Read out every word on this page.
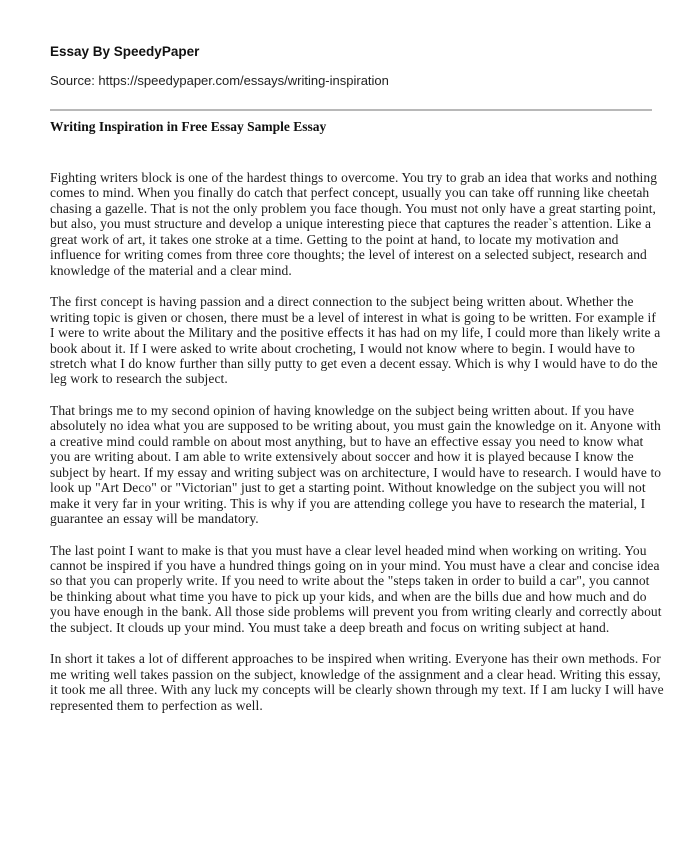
Essay By SpeedyPaper
Source: https://speedypaper.com/essays/writing-inspiration
Writing Inspiration in Free Essay Sample Essay

Fighting writers block is one of the hardest things to overcome. You try to grab an idea that works and nothing comes to mind. When you finally do catch that perfect concept, usually you can take off running like cheetah chasing a gazelle. That is not the only problem you face though. You must not only have a great starting point, but also, you must structure and develop a unique interesting piece that captures the reader`s attention. Like a great work of art, it takes one stroke at a time. Getting to the point at hand, to locate my motivation and influence for writing comes from three core thoughts; the level of interest on a selected subject, research and knowledge of the material and a clear mind.

The first concept is having passion and a direct connection to the subject being written about. Whether the writing topic is given or chosen, there must be a level of interest in what is going to be written. For example if I were to write about the Military and the positive effects it has had on my life, I could more than likely write a book about it. If I were asked to write about crocheting, I would not know where to begin. I would have to stretch what I do know further than silly putty to get even a decent essay. Which is why I would have to do the leg work to research the subject.

That brings me to my second opinion of having knowledge on the subject being written about. If you have absolutely no idea what you are supposed to be writing about, you must gain the knowledge on it. Anyone with a creative mind could ramble on about most anything, but to have an effective essay you need to know what you are writing about. I am able to write extensively about soccer and how it is played because I know the subject by heart. If my essay and writing subject was on architecture, I would have to research. I would have to look up "Art Deco" or "Victorian" just to get a starting point. Without knowledge on the subject you will not make it very far in your writing. This is why if you are attending college you have to research the material, I guarantee an essay will be mandatory.

The last point I want to make is that you must have a clear level headed mind when working on writing. You cannot be inspired if you have a hundred things going on in your mind. You must have a clear and concise idea so that you can properly write. If you need to write about the "steps taken in order to build a car", you cannot be thinking about what time you have to pick up your kids, and when are the bills due and how much and do you have enough in the bank. All those side problems will prevent you from writing clearly and correctly about the subject. It clouds up your mind. You must take a deep breath and focus on writing subject at hand.

In short it takes a lot of different approaches to be inspired when writing. Everyone has their own methods. For me writing well takes passion on the subject, knowledge of the assignment and a clear head. Writing this essay, it took me all three. With any luck my concepts will be clearly shown through my text. If I am lucky I will have represented them to perfection as well.
